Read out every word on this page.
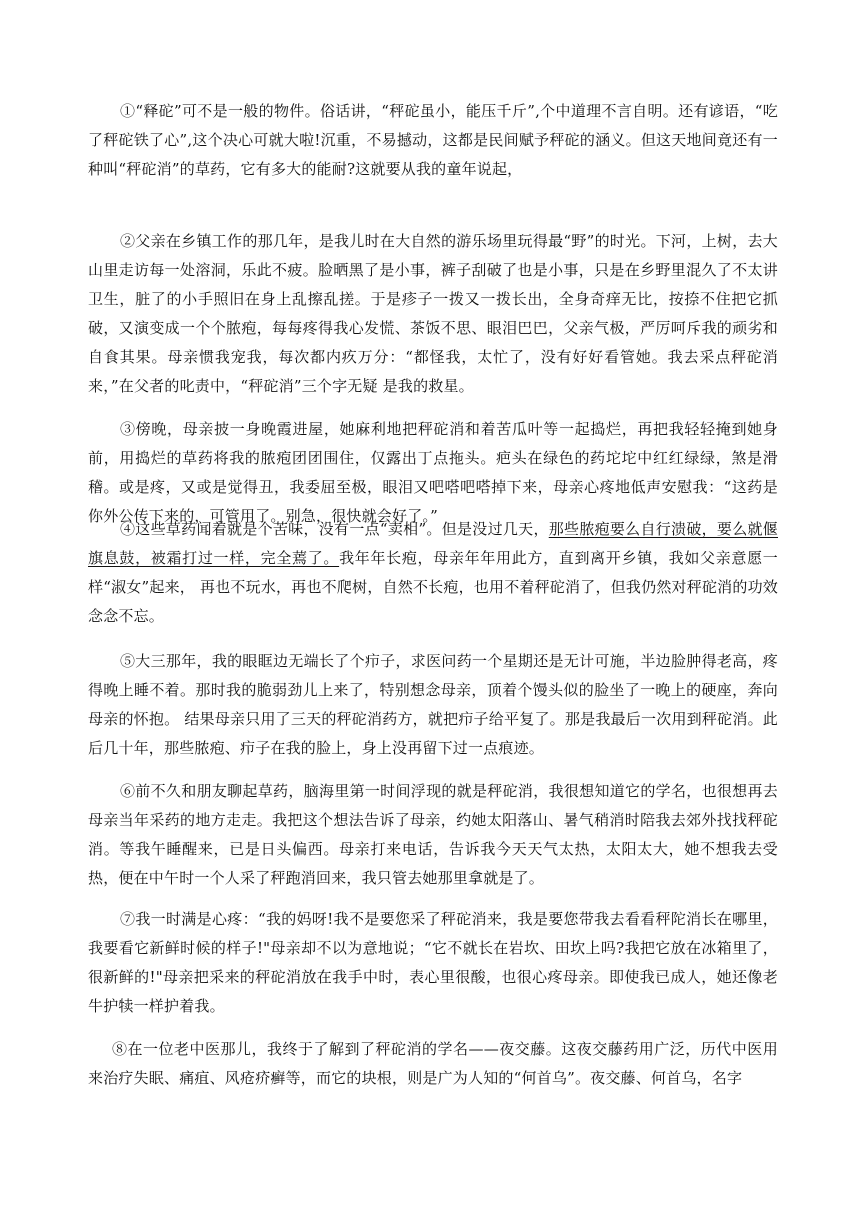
①“释砣”可不是一般的物件。俗话讲，“秤砣虽小，能压千斤”,个中道理不言自明。还有谚语，“吃了秤砣铁了心”,这个决心可就大啦!沉重，不易撼动，这都是民间赋予秤砣的涵义。但这天地间竟还有一种叫“秤砣消”的草药，它有多大的能耐?这就要从我的童年说起，

②父亲在乡镇工作的那几年，是我儿时在大自然的游乐场里玩得最“野”的时光。下河，上树，去大山里走访每一处溶洞，乐此不疲。脸晒黑了是小事，裤子刮破了也是小事，只是在乡野里混久了不太讲卫生，脏了的小手照旧在身上乱擦乱搓。于是疹子一拨又一拨长出，全身奇痒无比，按捺不住把它抓破，又演变成一个个脓疱，每每疼得我心发慌、茶饭不思、眼泪巴巴，父亲气极，严厉呵斥我的顽劣和自食其果。母亲惯我宠我，每次都内疚万分：“都怪我，太忙了，没有好好看管她。我去采点秤砣消来，”在父者的叱责中，“秤砣消”三个字无疑 是我的救星。

③傍晚，母亲披一身晚霞进屋，她麻利地把秤砣消和着苦瓜叶等一起捣烂，再把我轻轻掩到她身前，用捣烂的草药将我的脓疱团团围住，仅露出丁点拖头。疤头在绿色的药坨坨中红红绿绿，煞是滑稽。或是疼，又或是觉得丑，我委屈至极，眼泪又吧嗒吧嗒掉下来，母亲心疼地低声安慰我：“这药是你外公传下来的，可管用了。别急，很快就会好了。”

④这些草药闻着就是个苦味，没有一点“卖相”。但是没过几天，那些脓疱要么自行溃破，要么就偃旗息鼓，被霜打过一样，完全蔫了。我年年长疱，母亲年年用此方，直到离开乡镇，我如父亲意愿一样“淑女”起来， 再也不玩水，再也不爬树，自然不长疱，也用不着秤砣消了，但我仍然对秤砣消的功效念念不忘。

⑤大三那年，我的眼眶边无端长了个疖子，求医问药一个星期还是无计可施，半边脸肿得老高，疼得晚上睡不着。那时我的脆弱劲儿上来了，特别想念母亲，顶着个馒头似的脸坐了一晚上的硬座，奔向母亲的怀抱。 结果母亲只用了三天的秤砣消药方，就把疖子给平复了。那是我最后一次用到秤砣消。此后几十年，那些脓疱、疖子在我的脸上，身上没再留下过一点痕迹。

⑥前不久和朋友聊起草药，脑海里第一时间浮现的就是秤砣消，我很想知道它的学名，也很想再去母亲当年采药的地方走走。我把这个想法告诉了母亲，约她太阳落山、暑气稍消时陪我去郊外找找秤砣消。等我午睡醒来，已是日头偏西。母亲打来电话，告诉我今天天气太热，太阳太大，她不想我去受热，便在中午时一个人采了秤跑消回来，我只管去她那里拿就是了。

⑦我一时满是心疼：“我的妈呀!我不是要您采了秤砣消来，我是要您带我去看看秤陀消长在哪里，我要看它新鲜时候的样子!"母亲却不以为意地说；“它不就长在岩坎、田坎上吗?我把它放在冰箱里了，很新鲜的!"母亲把采来的秤砣消放在我手中时，表心里很酸，也很心疼母亲。即使我已成人，她还像老牛护犊一样护着我。

⑧在一位老中医那儿，我终于了解到了秤砣消的学名——夜交藤。这夜交藤药用广泛，历代中医用来治疗失眠、痛疽、风疮疥癣等，而它的块根，则是广为人知的“何首乌”。夜交藤、何首乌，名字
